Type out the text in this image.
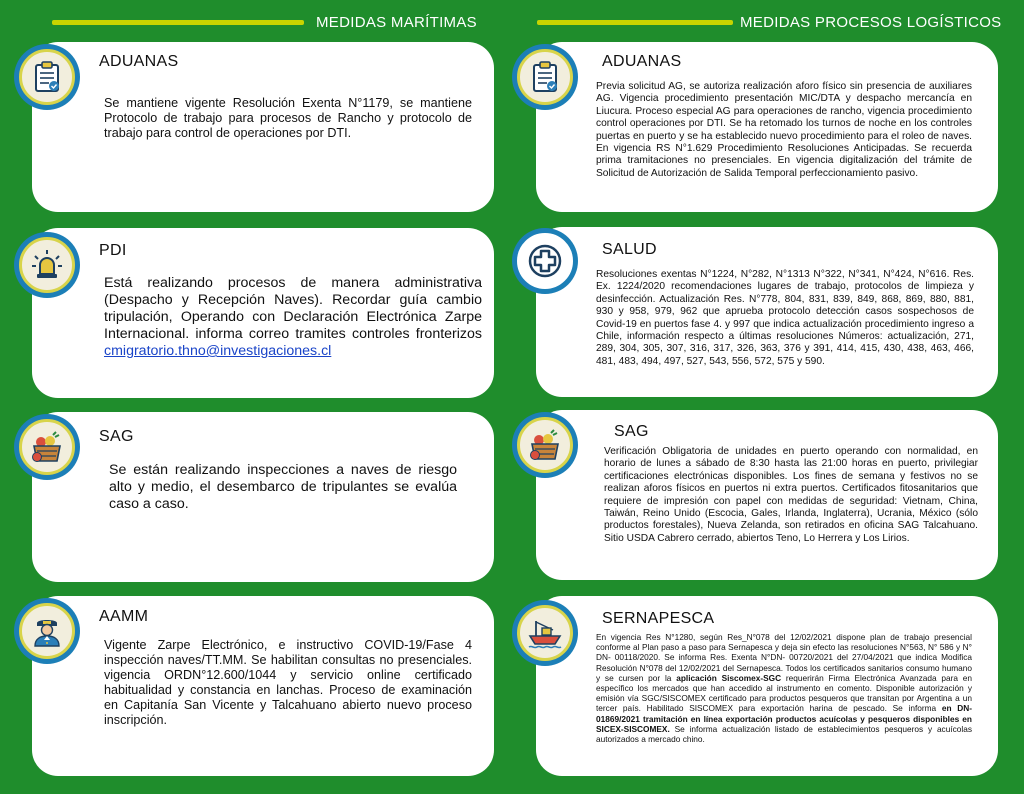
MEDIDAS MARÍTIMAS	MEDIDAS PROCESOS LOGÍSTICOS
ADUANAS
Se mantiene vigente Resolución Exenta N°1179, se mantiene Protocolo de trabajo para procesos de Rancho y protocolo de trabajo para control de operaciones por DTI.
PDI
Está realizando procesos de manera administrativa (Despacho y Recepción Naves). Recordar guía cambio tripulación, Operando con Declaración Electrónica Zarpe Internacional. informa correo tramites controles fronterizos cmigratorio.thno@investigaciones.cl
SAG
Se están realizando inspecciones a naves de riesgo alto y medio, el desembarco de tripulantes se evalúa caso a caso.
AAMM
Vigente Zarpe Electrónico, e instructivo COVID-19/Fase 4 inspección naves/TT.MM. Se habilitan consultas no presenciales. vigencia ORDN°12.600/1044 y servicio online certificado habitualidad y constancia en lanchas. Proceso de examinación en Capitanía San Vicente y Talcahuano abierto nuevo proceso inscripción.
ADUANAS
Previa solicitud AG, se autoriza realización aforo físico sin presencia de auxiliares AG. Vigencia procedimiento presentación MIC/DTA y despacho mercancía en Liucura. Proceso especial AG para operaciones de rancho, vigencia procedimiento control operaciones por DTI. Se ha retomado los turnos de noche en los controles puertas en puerto y se ha establecido nuevo procedimiento para el roleo de naves. En vigencia RS N°1.629 Procedimiento Resoluciones Anticipadas. Se recuerda prima tramitaciones no presenciales. En vigencia digitalización del trámite de Solicitud de Autorización de Salida Temporal perfeccionamiento pasivo.
SALUD
Resoluciones exentas N°1224, N°282, N°1313 N°322, N°341, N°424, N°616. Res. Ex. 1224/2020 recomendaciones lugares de trabajo, protocolos de limpieza y desinfección. Actualización Res. N°778, 804, 831, 839, 849, 868, 869, 880, 881, 930 y 958, 979, 962 que aprueba protocolo detección casos sospechosos de Covid-19 en puertos fase 4. y 997 que indica actualización procedimiento ingreso a Chile, información respecto a últimas resoluciones Números: actualización, 271, 289, 304, 305, 307, 316, 317, 326, 363, 376 y 391, 414, 415, 430, 438, 463, 466, 481, 483, 494, 497, 527, 543, 556, 572, 575 y 590.
SAG
Verificación Obligatoria de unidades en puerto operando con normalidad, en horario de lunes a sábado de 8:30 hasta las 21:00 horas en puerto, privilegiar certificaciones electrónicas disponibles. Los fines de semana y festivos no se realizan aforos físicos en puertos ni extra puertos. Certificados fitosanitarios que requiere de impresión con papel con medidas de seguridad: Vietnam, China, Taiwán, Reino Unido (Escocia, Gales, Irlanda, Inglaterra), Ucrania, México (sólo productos forestales), Nueva Zelanda, son retirados en oficina SAG Talcahuano. Sitio USDA Cabrero cerrado, abiertos Teno, Lo Herrera y Los Lirios.
SERNAPESCA
En vigencia Res N°1280, según Res_N°078 del 12/02/2021 dispone plan de trabajo presencial conforme al Plan paso a paso para Sernapesca y deja sin efecto las resoluciones N°563, N° 586 y N° DN- 00118/2020. Se informa Res. Exenta N°DN- 00720/2021 del 27/04/2021 que indica Modifica Resolución N°078 del 12/02/2021 del Sernapesca. Todos los certificados sanitarios consumo humano y se cursen por la aplicación Siscomex-SGC requerirán Firma Electrónica Avanzada para en específico los mercados que han accedido al instrumento en comento. Disponible autorización y emisión vía SGC/SISCOMEX certificado para productos pesqueros que transitan por Argentina a un tercer país. Habilitado SISCOMEX para exportación harina de pescado. Se informa en DN-01869/2021 tramitación en línea exportación productos acuícolas y pesqueros disponibles en SICEX-SISCOMEX. Se informa actualización listado de establecimientos pesqueros y acuícolas autorizados a mercado chino.
